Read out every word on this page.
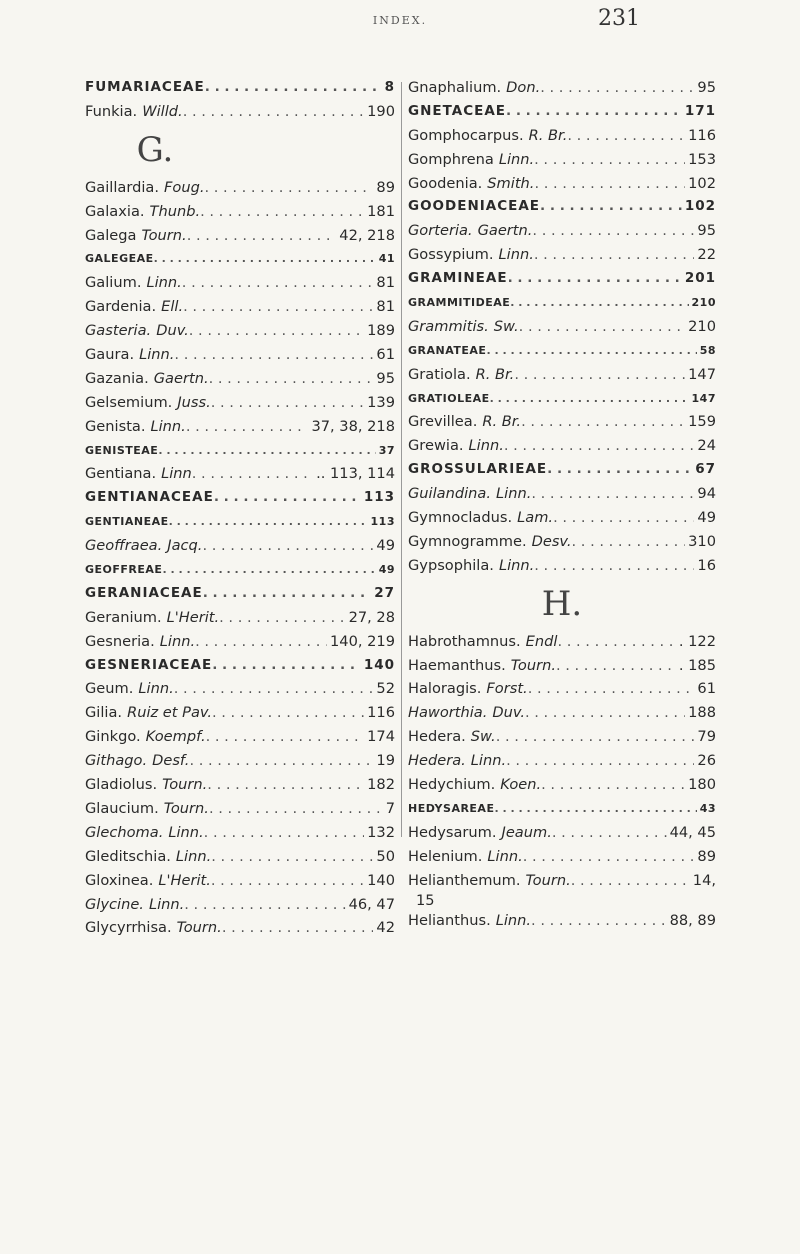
INDEX.	231
FUMARIACEAE . . .	8
Funkia. Willd. . . .	190
G.
Gaillardia. Foug. . . .	89
Galaxia. Thunb. . . .	181
Galega Tourn. . . .	42, 218
GALEGEAE . . .	41
Galium. Linn. . . .	81
Gardenia. Ell. . . .	81
Gasteria. Duv. . . .	189
Gaura. Linn. . . .	61
Gazania. Gaertn. . . .	95
Gelsemium. Juss. . . .	139
Genista. Linn. . . .	37, 38, 218
GENISTEAE . . .	37
Gentiana. Linn . . .	.. 113, 114
GENTIANACEAE . . .	113
GENTIANEAE . . .	113
Geoffraea. Jacq. . . .	49
GEOFFREAE . . .	49
GERANIACEAE . . .	27
Geranium. L'Herit. . . .	27, 28
Gesneria. Linn. . . .	140, 219
GESNERIACEAE . . .	140
Geum. Linn. . . .	52
Gilia. Ruiz et Pav. . . .	116
Ginkgo. Koempf. . . .	174
Githago. Desf. . . .	19
Gladiolus. Tourn. . . .	182
Glaucium. Tourn. . . .	7
Glechoma. Linn. . . .	132
Gleditschia. Linn. . . .	50
Gloxinea. L'Herit. . . .	140
Glycine. Linn. . . .	46, 47
Glycyrrhisa. Tourn. . . .	42
Gnaphalium. Don. . . .	95
GNETACEAE . . .	171
Gomphocarpus. R. Br. . . .	116
Gomphrena Linn. . . .	153
Goodenia. Smith. . . .	102
GOODENIACEAE . . .	102
Gorteria. Gaertn. . . .	95
Gossypium. Linn. . . .	22
GRAMINEAE . . .	201
GRAMMITIDEAE . . .	210
Grammitis. Sw. . . .	210
GRANATEAE . . .	58
Gratiola. R. Br. . . .	147
GRATIOLEAE . . .	147
Grevillea. R. Br. . . .	159
Grewia. Linn. . . .	24
GROSSULARIEAE . . .	67
Guilandina. Linn. . . .	94
Gymnocladus. Lam. . . .	49
Gymnogramme. Desv. . . .	310
Gypsophila. Linn. . . .	16
H.
Habrothamnus. Endl . . .	. 122
Haemanthus. Tourn. . . .	. 185
Haloragis. Forst. . . .	61
Haworthia. Duv. . . .	188
Hedera. Sw. . . .	79
Hedera. Linn. . . .	26
Hedychium. Koen. . . .	180
HEDYSAREAE . . .	43
Hedysarum. Jeaum. . . .	44, 45
Helenium. Linn. . . .	89
Helianthemum. Tourn. . . .	14,
15
Helianthus. Linn. . . .	88, 89
